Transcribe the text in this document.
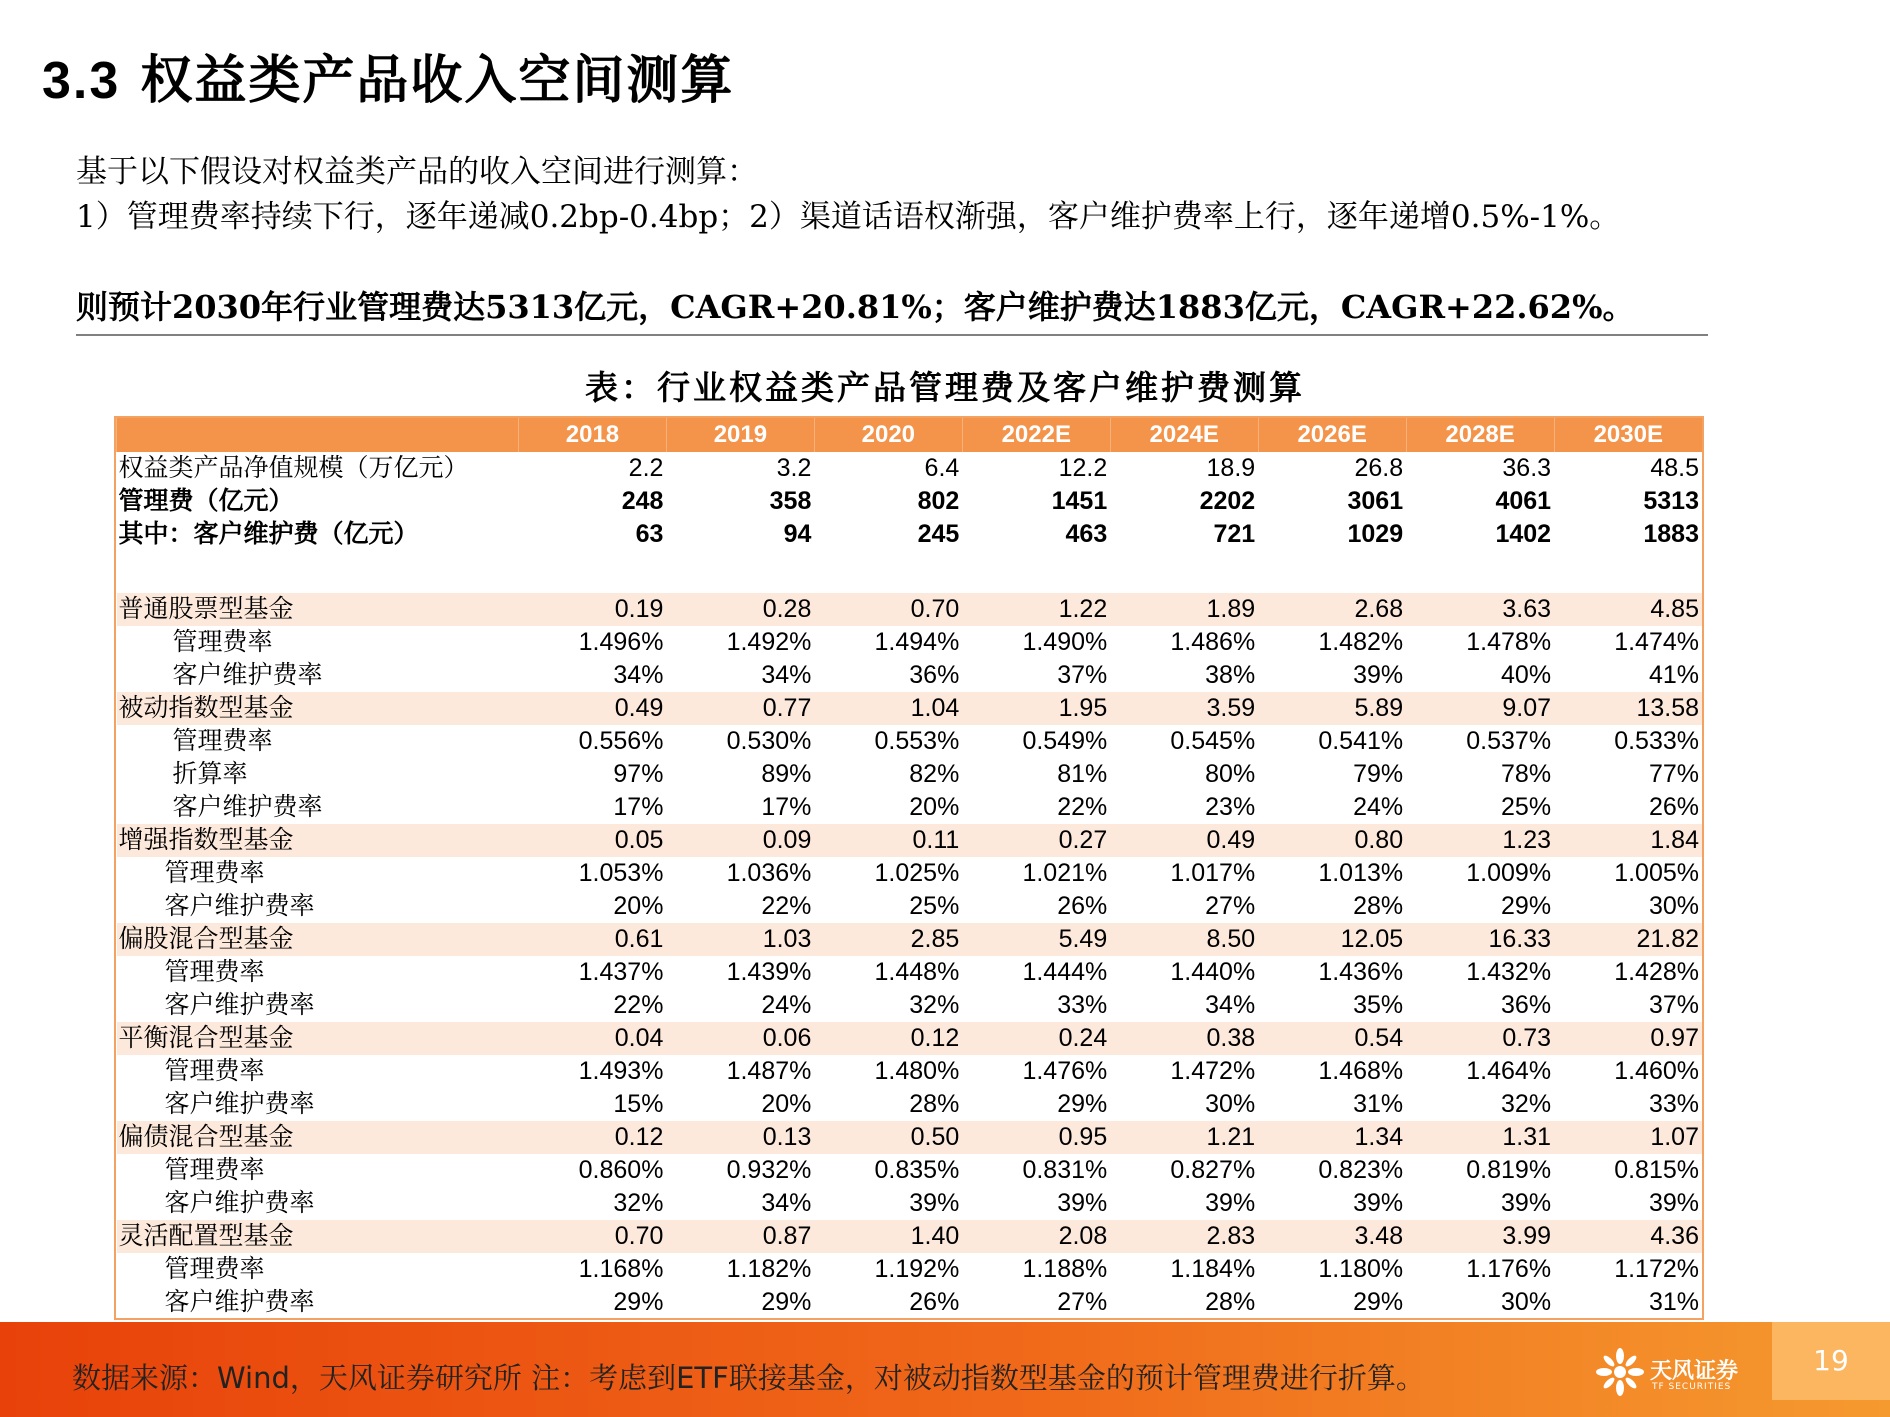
3.3 权益类产品收入空间测算
基于以下假设对权益类产品的收入空间进行测算：
1）管理费率持续下行，逐年递减0.2bp-0.4bp；2）渠道话语权渐强，客户维护费率上行，逐年递增0.5%-1%。
则预计2030年行业管理费达5313亿元，CAGR+20.81%；客户维护费达1883亿元，CAGR+22.62%。
表：行业权益类产品管理费及客户维护费测算
	2018	2019	2020	2022E	2024E	2026E	2028E	2030E
权益类产品净值规模（万亿元）	2.2	3.2	6.4	12.2	18.9	26.8	36.3	48.5
管理费（亿元）	248	358	802	1451	2202	3061	4061	5313
其中：客户维护费（亿元）	63	94	245	463	721	1029	1402	1883

普通股票型基金	0.19	0.28	0.70	1.22	1.89	2.68	3.63	4.85
管理费率	1.496%	1.492%	1.494%	1.490%	1.486%	1.482%	1.478%	1.474%
客户维护费率	34%	34%	36%	37%	38%	39%	40%	41%
被动指数型基金	0.49	0.77	1.04	1.95	3.59	5.89	9.07	13.58
管理费率	0.556%	0.530%	0.553%	0.549%	0.545%	0.541%	0.537%	0.533%
折算率	97%	89%	82%	81%	80%	79%	78%	77%
客户维护费率	17%	17%	20%	22%	23%	24%	25%	26%
增强指数型基金	0.05	0.09	0.11	0.27	0.49	0.80	1.23	1.84
管理费率	1.053%	1.036%	1.025%	1.021%	1.017%	1.013%	1.009%	1.005%
客户维护费率	20%	22%	25%	26%	27%	28%	29%	30%
偏股混合型基金	0.61	1.03	2.85	5.49	8.50	12.05	16.33	21.82
管理费率	1.437%	1.439%	1.448%	1.444%	1.440%	1.436%	1.432%	1.428%
客户维护费率	22%	24%	32%	33%	34%	35%	36%	37%
平衡混合型基金	0.04	0.06	0.12	0.24	0.38	0.54	0.73	0.97
管理费率	1.493%	1.487%	1.480%	1.476%	1.472%	1.468%	1.464%	1.460%
客户维护费率	15%	20%	28%	29%	30%	31%	32%	33%
偏债混合型基金	0.12	0.13	0.50	0.95	1.21	1.34	1.31	1.07
管理费率	0.860%	0.932%	0.835%	0.831%	0.827%	0.823%	0.819%	0.815%
客户维护费率	32%	34%	39%	39%	39%	39%	39%	39%
灵活配置型基金	0.70	0.87	1.40	2.08	2.83	3.48	3.99	4.36
管理费率	1.168%	1.182%	1.192%	1.188%	1.184%	1.180%	1.176%	1.172%
客户维护费率	29%	29%	26%	27%	28%	29%	30%	31%
数据来源：Wind，天风证券研究所 注：考虑到ETF联接基金，对被动指数型基金的预计管理费进行折算。	天风证券
TF SECURITIES
19
